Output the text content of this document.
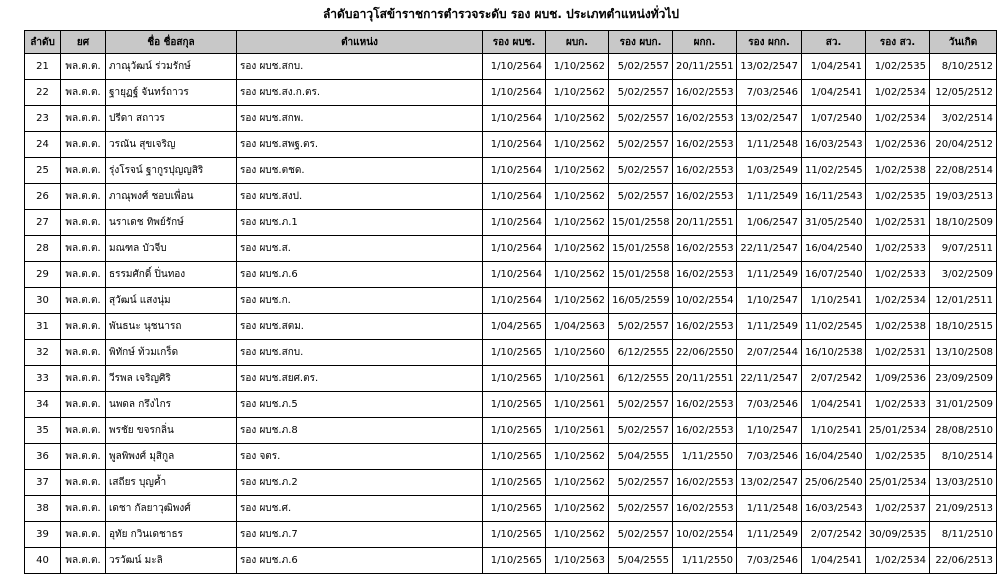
ลำดับอาวุโสข้าราชการตำรวจระดับ รอง ผบช. ประเภทตำแหน่งทั่วไป
ลำดับ	ยศ	ชื่อ ชื่อสกุล	ตำแหน่ง	รอง ผบช.	ผบก.	รอง ผบก.	ผกก.	รอง ผกก.	สว.	รอง สว.	วันเกิด
21	พล.ต.ต.	ภาณุวัฒน์ ร่วมรักษ์	รอง ผบช.สกบ.	1/10/2564	1/10/2562	5/02/2557	20/11/2551	13/02/2547	1/04/2541	1/02/2535	8/10/2512
22	พล.ต.ต.	ฐายุฏฐ์ จันทร์ถาวร	รอง ผบช.สง.ก.ตร.	1/10/2564	1/10/2562	5/02/2557	16/02/2553	7/03/2546	1/04/2541	1/02/2534	12/05/2512
23	พล.ต.ต.	ปรีดา สถาวร	รอง ผบช.สกพ.	1/10/2564	1/10/2562	5/02/2557	16/02/2553	13/02/2547	1/07/2540	1/02/2534	3/02/2514
24	พล.ต.ต.	วรณัน สุขเจริญ	รอง ผบช.สพฐ.ตร.	1/10/2564	1/10/2562	5/02/2557	16/02/2553	1/11/2548	16/03/2543	1/02/2536	20/04/2512
25	พล.ต.ต.	รุ่งโรจน์ ฐากูรปุญญสิริ	รอง ผบช.ตชด.	1/10/2564	1/10/2562	5/02/2557	16/02/2553	1/03/2549	11/02/2545	1/02/2538	22/08/2514
26	พล.ต.ต.	ภาณุพงศ์ ชอบเพื่อน	รอง ผบช.สงป.	1/10/2564	1/10/2562	5/02/2557	16/02/2553	1/11/2549	16/11/2543	1/02/2535	19/03/2513
27	พล.ต.ต.	นราเดช ทิพย์รักษ์	รอง ผบช.ภ.1	1/10/2564	1/10/2562	15/01/2558	20/11/2551	1/06/2547	31/05/2540	1/02/2531	18/10/2509
28	พล.ต.ต.	มณฑล บัวจีบ	รอง ผบช.ส.	1/10/2564	1/10/2562	15/01/2558	16/02/2553	22/11/2547	16/04/2540	1/02/2533	9/07/2511
29	พล.ต.ต.	ธรรมศักดิ์ ปิ่นทอง	รอง ผบช.ภ.6	1/10/2564	1/10/2562	15/01/2558	16/02/2553	1/11/2549	16/07/2540	1/02/2533	3/02/2509
30	พล.ต.ต.	สุวัฒน์ แสงนุ่ม	รอง ผบช.ก.	1/10/2564	1/10/2562	16/05/2559	10/02/2554	1/10/2547	1/10/2541	1/02/2534	12/01/2511
31	พล.ต.ต.	พันธนะ นุชนารถ	รอง ผบช.สตม.	1/04/2565	1/04/2563	5/02/2557	16/02/2553	1/11/2549	11/02/2545	1/02/2538	18/10/2515
32	พล.ต.ต.	พิทักษ์ ท้วมเกร็ด	รอง ผบช.สกบ.	1/10/2565	1/10/2560	6/12/2555	22/06/2550	2/07/2544	16/10/2538	1/02/2531	13/10/2508
33	พล.ต.ต.	วีรพล เจริญศิริ	รอง ผบช.สยศ.ตร.	1/10/2565	1/10/2561	6/12/2555	20/11/2551	22/11/2547	2/07/2542	1/09/2536	23/09/2509
34	พล.ต.ต.	นพดล กรึงไกร	รอง ผบช.ภ.5	1/10/2565	1/10/2561	5/02/2557	16/02/2553	7/03/2546	1/04/2541	1/02/2533	31/01/2509
35	พล.ต.ต.	พรชัย ขจรกลิ่น	รอง ผบช.ภ.8	1/10/2565	1/10/2561	5/02/2557	16/02/2553	1/10/2547	1/10/2541	25/01/2534	28/08/2510
36	พล.ต.ต.	พูลพิพงศ์ มุสิกูล	รอง จตร.	1/10/2565	1/10/2562	5/04/2555	1/11/2550	7/03/2546	16/04/2540	1/02/2535	8/10/2514
37	พล.ต.ต.	เสถียร บุญค้ำ	รอง ผบช.ภ.2	1/10/2565	1/10/2562	5/02/2557	16/02/2553	13/02/2547	25/06/2540	25/01/2534	13/03/2510
38	พล.ต.ต.	เดชา กัลยาวุฒิพงศ์	รอง ผบช.ศ.	1/10/2565	1/10/2562	5/02/2557	16/02/2553	1/11/2548	16/03/2543	1/02/2537	21/09/2513
39	พล.ต.ต.	อุทัย กวินเดชาธร	รอง ผบช.ภ.7	1/10/2565	1/10/2562	5/02/2557	10/02/2554	1/11/2549	2/07/2542	30/09/2535	8/11/2510
40	พล.ต.ต.	วรวัฒน์ มะลิ	รอง ผบช.ภ.6	1/10/2565	1/10/2563	5/04/2555	1/11/2550	7/03/2546	1/04/2541	1/02/2534	22/06/2513
